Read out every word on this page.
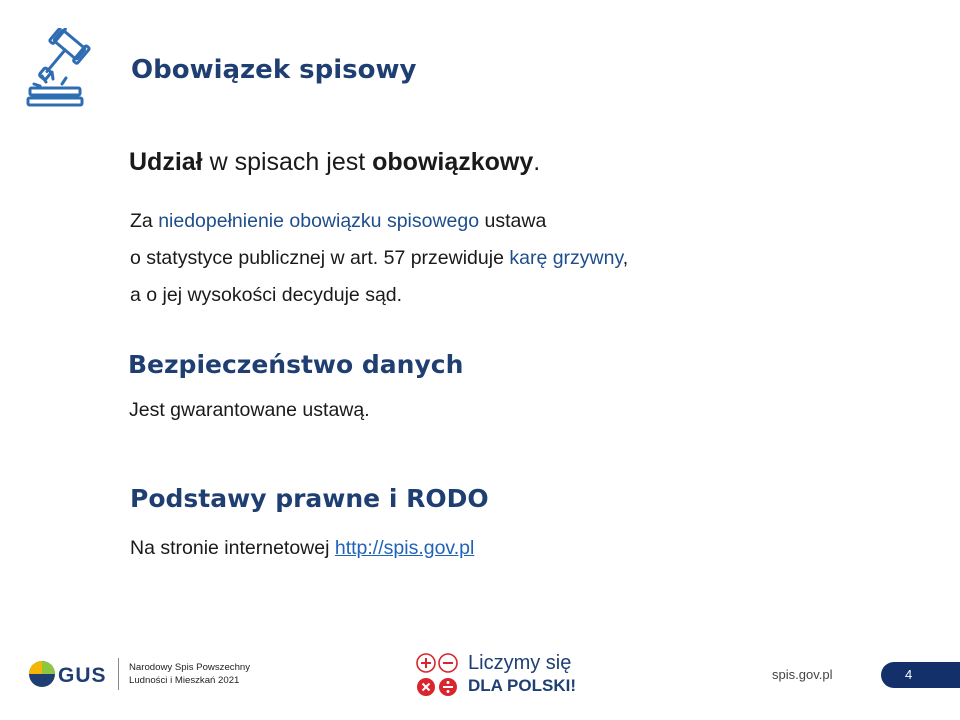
Obowiązek spisowy
Udział w spisach jest obowiązkowy.
Za niedopełnienie obowiązku spisowego ustawa
o statystyce publicznej w art. 57 przewiduje karę grzywny,
a o jej wysokości decyduje sąd.
Bezpieczeństwo danych
Jest gwarantowane ustawą.
Podstawy prawne i RODO
Na stronie internetowej http://spis.gov.pl
GUS Narodowy Spis Powszechny
Ludności i Mieszkań 2021
Liczymy się
DLA POLSKI!
spis.gov.pl	4
